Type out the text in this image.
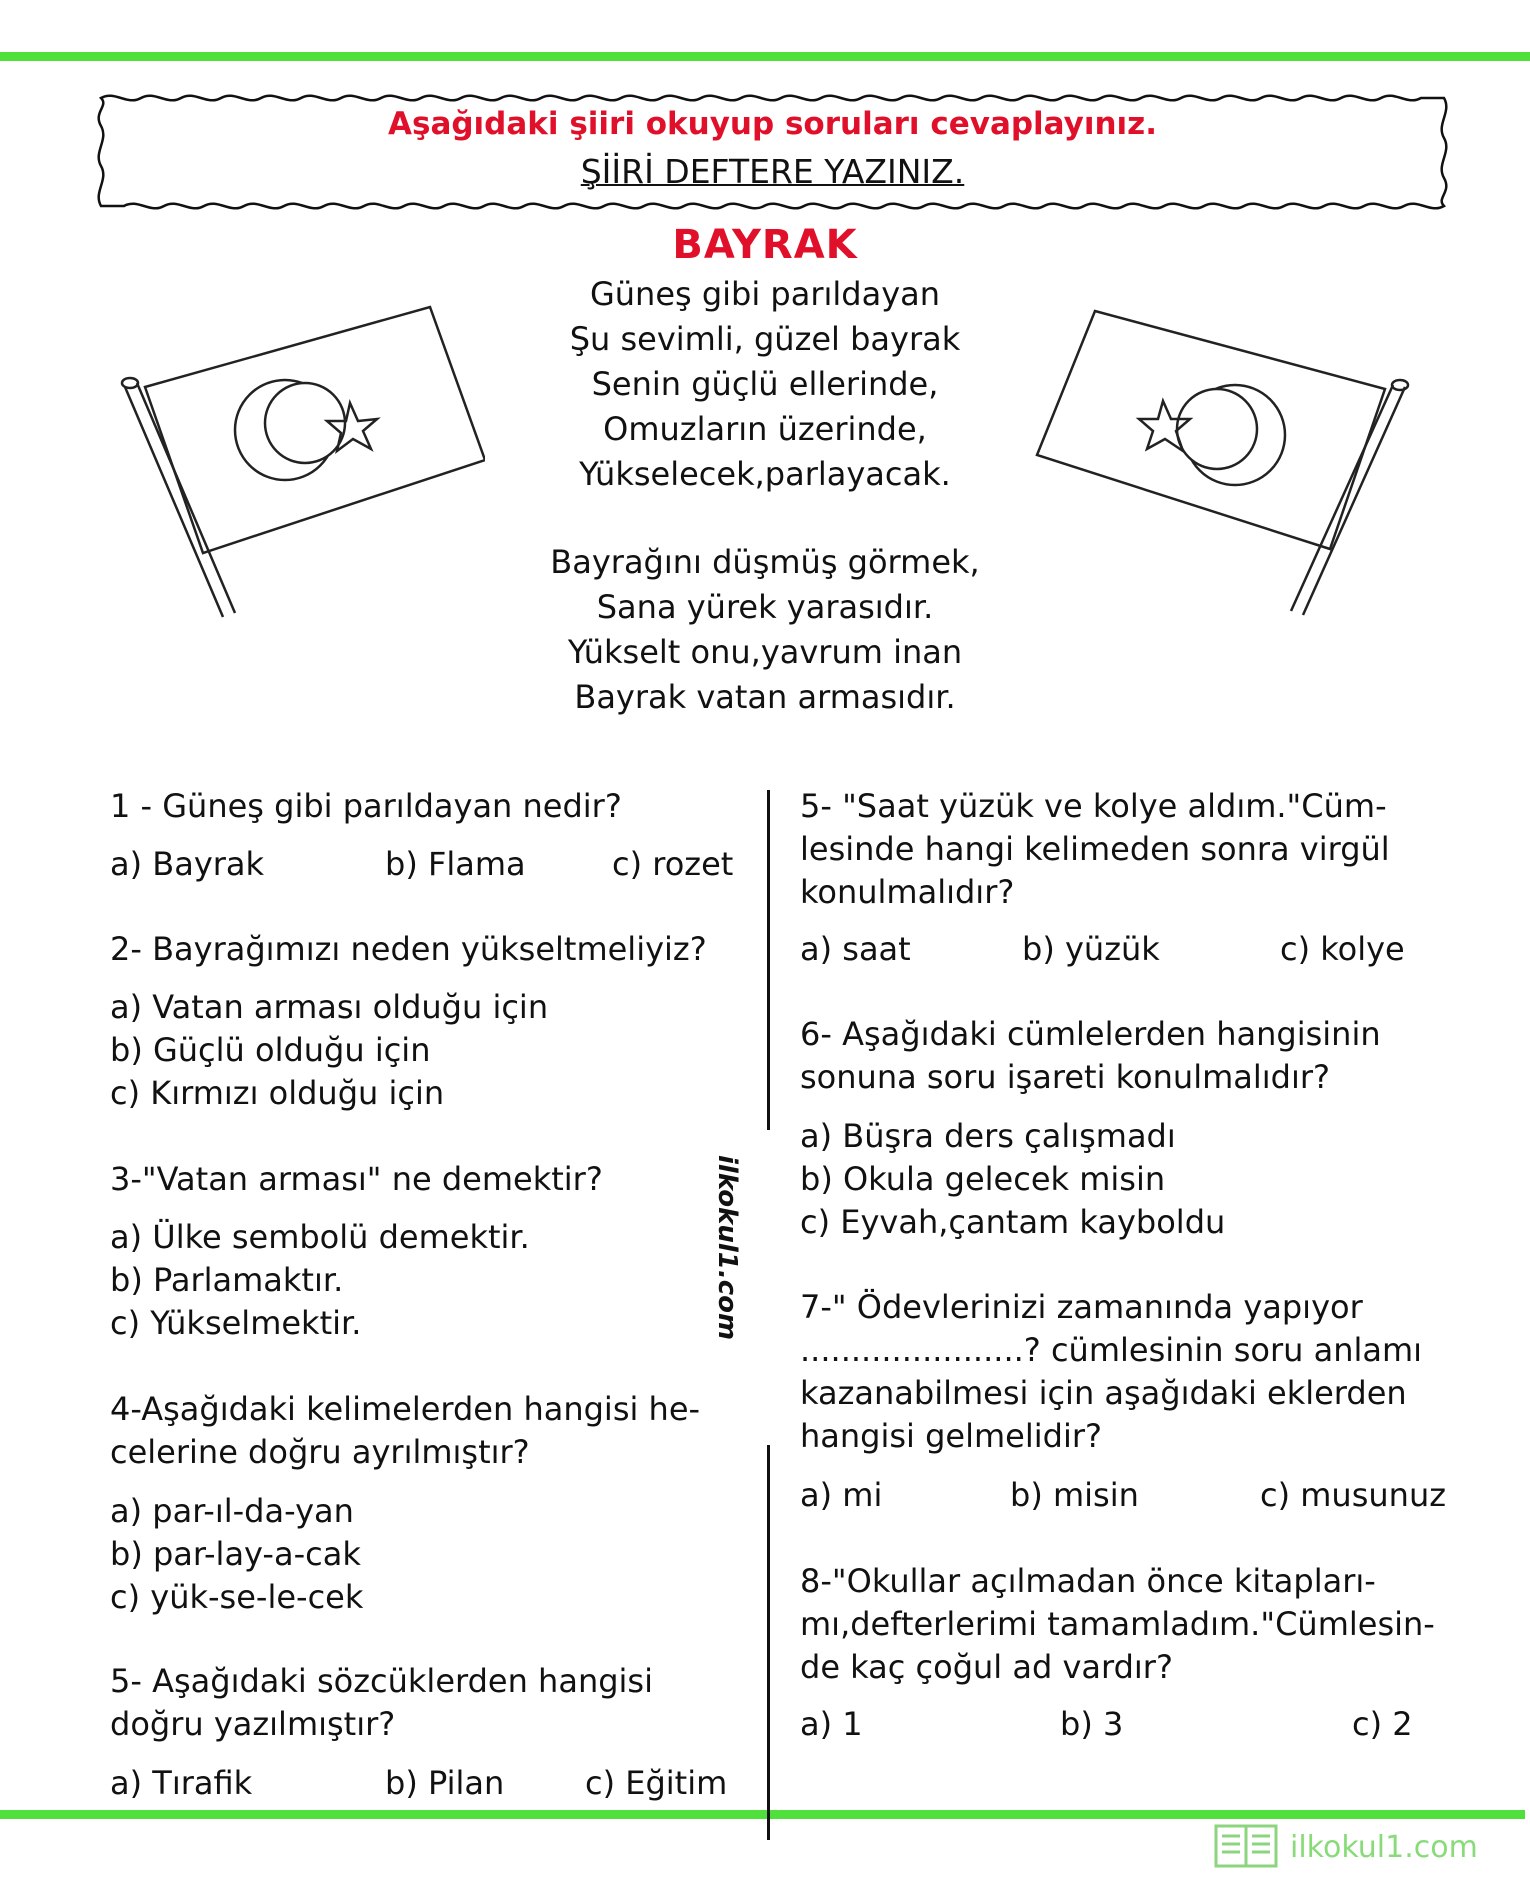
Aşağıdaki şiiri okuyup soruları cevaplayınız.
ŞİİRİ DEFTERE YAZINIZ.
BAYRAK
Güneş gibi parıldayan
Şu sevimli, güzel bayrak
Senin güçlü ellerinde,
Omuzların üzerinde,
Yükselecek,parlayacak.
Bayrağını düşmüş görmek,
Sana yürek yarasıdır.
Yükselt onu,yavrum inan
Bayrak vatan armasıdır.
ilkokul1.com
1 - Güneş gibi parıldayan nedir?
a) Bayrak	b) Flama	c) rozet
2- Bayrağımızı neden yükseltmeliyiz?
a) Vatan arması olduğu için
b) Güçlü olduğu için
c) Kırmızı olduğu için
3-"Vatan arması" ne demektir?
a) Ülke sembolü demektir.
b) Parlamaktır.
c) Yükselmektir.
4-Aşağıdaki kelimelerden hangisi he-
celerine doğru ayrılmıştır?
a) par-ıl-da-yan
b) par-lay-a-cak
c) yük-se-le-cek
5- Aşağıdaki sözcüklerden hangisi
doğru yazılmıştır?
a) Tırafik	b) Pilan	c) Eğitim
5- "Saat yüzük ve kolye aldım."Cüm-
lesinde hangi kelimeden sonra virgül
konulmalıdır?
a) saat	b) yüzük	c) kolye
6- Aşağıdaki cümlelerden hangisinin
sonuna soru işareti konulmalıdır?
a) Büşra ders çalışmadı
b) Okula gelecek misin
c) Eyvah,çantam kayboldu
7-" Ödevlerinizi zamanında yapıyor
......................? cümlesinin soru anlamı
kazanabilmesi için aşağıdaki eklerden
hangisi gelmelidir?
a) mi	b) misin	c) musunuz
8-"Okullar açılmadan önce kitapları-
mı,defterlerimi tamamladım."Cümlesin-
de kaç çoğul ad vardır?
a) 1	b) 3	c) 2
ilkokul1.com
